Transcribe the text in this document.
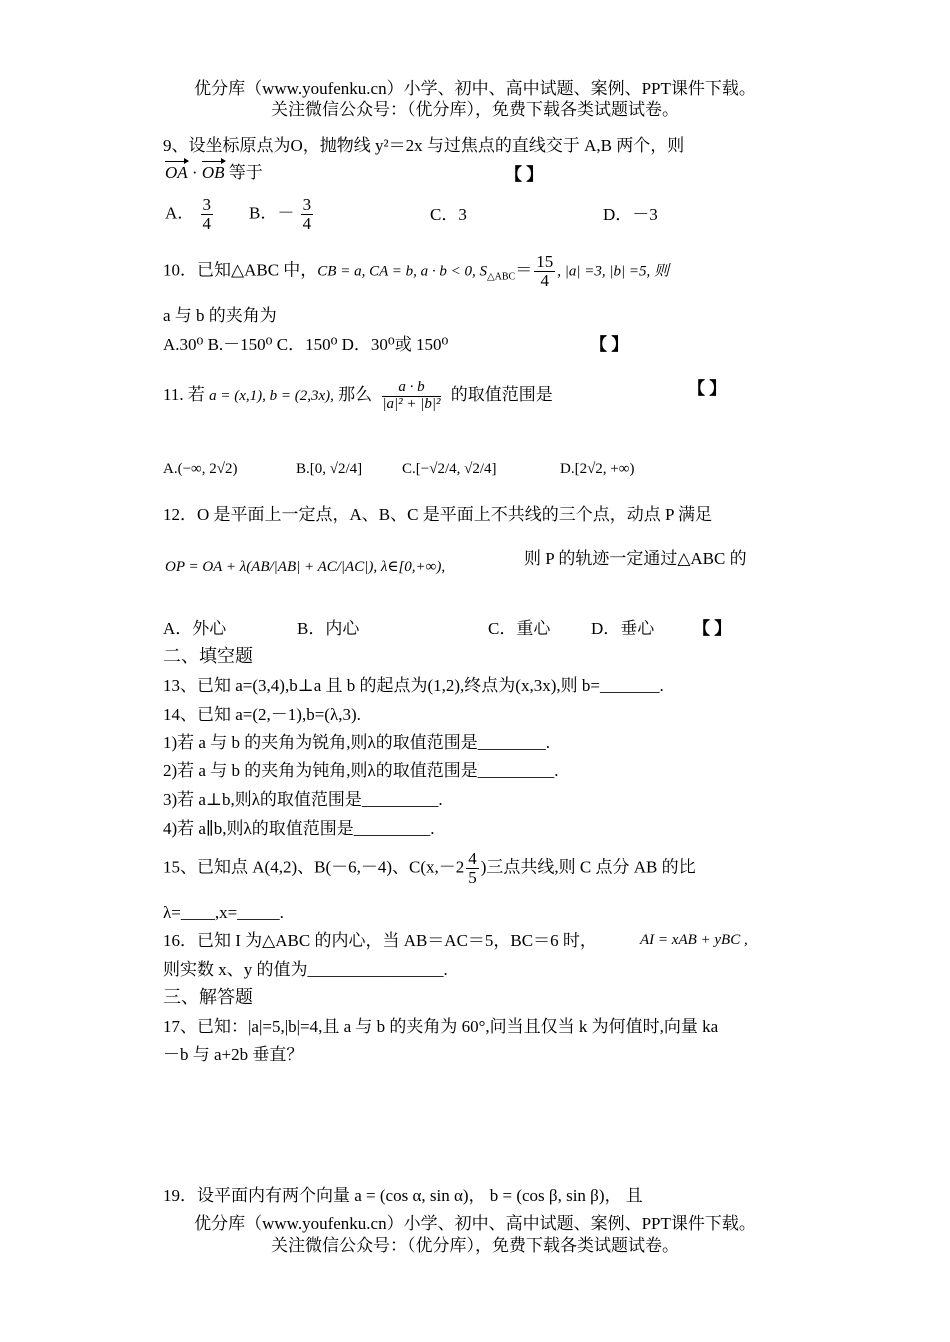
优分库（www.youfenku.cn）小学、初中、高中试题、案例、PPT课件下载。
关注微信公众号：（优分库），免费下载各类试题试卷。
9、设坐标原点为O，抛物线 y²＝2x 与过焦点的直线交于 A,B 两个，则
OA · OB 等于	【 】
A． $\frac{3}{4}$ B．－ $\frac{3}{4}$	C．3	D．－3
10．已知△ABC 中，CB = a, CA = b, a · b < 0, $S_{\triangle ABC}= \frac{15}{4}$ , |a| =3, |b| =5, 则
a 与 b 的夹角为
A.30⁰ B.－150⁰ C．150⁰ D．30⁰或 150⁰	【 】
11. 若 a = (x,1), b = (2,3x), 那么 $\frac{a \cdot b}{\text{|a|² + |b|²}}$ 的取值范围是	【 】
A.(−∞, 2√2)	B.[0, √2/4]	C.[−√2/4, √2/4]	D.[2√2, +∞)
12．O 是平面上一定点，A、B、C 是平面上不共线的三个点，动点 P 满足
OP = OA + λ(AB/|AB| + AC/|AC|), λ∈[0,+∞),	则 P 的轨迹一定通过△ABC 的
A．外心	B．内心	C．重心 D．垂心 【 】
二、填空题
13、已知 a=(3,4),b⊥a 且 b 的起点为(1,2),终点为(x,3x),则 b=_______.
14、已知 a=(2,－1),b=(λ,3).
1)若 a 与 b 的夹角为锐角,则λ的取值范围是________.
2)若 a 与 b 的夹角为钝角,则λ的取值范围是_________.
3)若 a⊥b,则λ的取值范围是_________.
4)若 a∥b,则λ的取值范围是_________.
15、已知点 A(4,2)、B(－6,－4)、$C(x,-2 \frac{4}{5}$ )三点共线,则 C 点分 AB 的比
λ=____,x=_____.
16．已知 I 为△ABC 的内心，当 AB＝AC＝5，BC＝6 时，	AI = xAB + yBC ,
则实数 x、y 的值为________________.
三、解答题
17、已知：|a|=5,|b|=4,且 a 与 b 的夹角为 60°,问当且仅当 k 为何值时,向量 ka
－b 与 a+2b 垂直？
19．设平面内有两个向量 a = (cos α, sin α)， b = (cos β, sin β)， 且
优分库（www.youfenku.cn）小学、初中、高中试题、案例、PPT课件下载。
关注微信公众号：（优分库），免费下载各类试题试卷。
